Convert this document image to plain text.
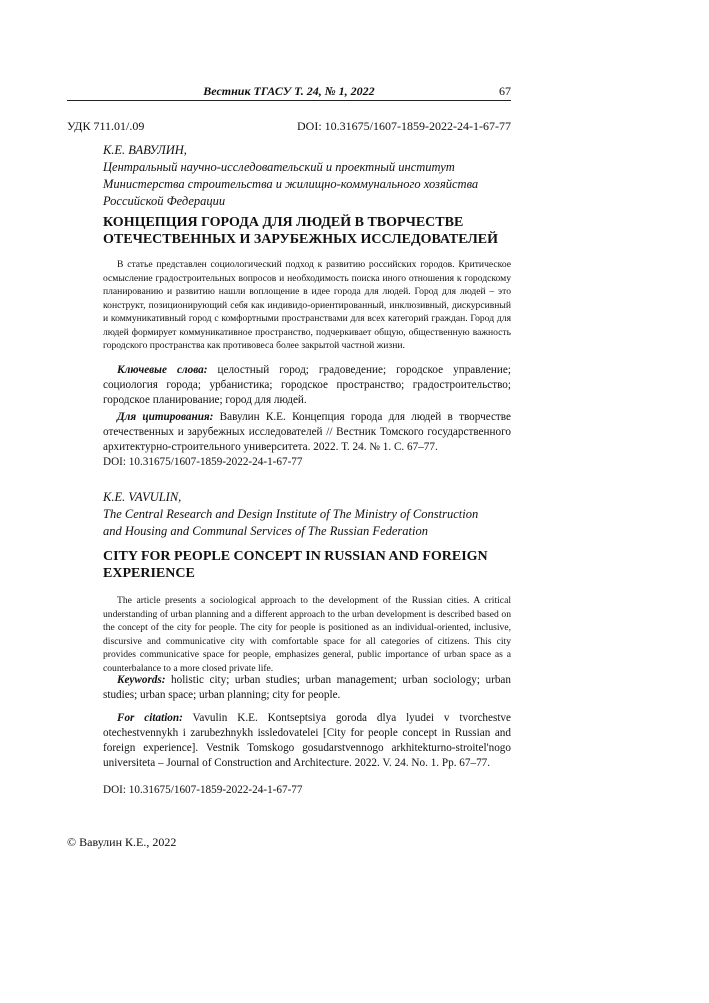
Вестник ТГАСУ Т. 24, № 1, 2022	67
УДК 711.01/.09	DOI: 10.31675/1607-1859-2022-24-1-67-77
К.Е. ВАВУЛИН,
Центральный научно-исследовательский и проектный институт
Министерства строительства и жилищно-коммунального хозяйства
Российской Федерации
КОНЦЕПЦИЯ ГОРОДА ДЛЯ ЛЮДЕЙ В ТВОРЧЕСТВЕ
ОТЕЧЕСТВЕННЫХ И ЗАРУБЕЖНЫХ ИССЛЕДОВАТЕЛЕЙ

В статье представлен социологический подход к развитию российских городов. Критическое осмысление градостроительных вопросов и необходимость поиска иного отношения к городскому планированию и развитию нашли воплощение в идее города для людей. Город для людей – это конструкт, позиционирующий себя как индивидо-ориентированный, инклюзивный, дискурсивный и коммуникативный город с комфортными пространствами для всех категорий граждан. Город для людей формирует коммуникативное пространство, подчеркивает общую, общественную важность городского пространства как противовеса более закрытой частной жизни.

Ключевые слова: целостный город; градоведение; городское управление; социология города; урбанистика; городское пространство; градостроительство; городское планирование; город для людей.

Для цитирования: Вавулин К.Е. Концепция города для людей в творчестве отечественных и зарубежных исследователей // Вестник Томского государственного архитектурно-строительного университета. 2022. Т. 24. № 1. С. 67–77.

DOI: 10.31675/1607-1859-2022-24-1-67-77

K.E. VAVULIN,
The Central Research and Design Institute of The Ministry of Construction
and Housing and Communal Services of The Russian Federation
CITY FOR PEOPLE CONCEPT IN RUSSIAN AND FOREIGN
EXPERIENCE

The article presents a sociological approach to the development of the Russian cities. A critical understanding of urban planning and a different approach to the urban development is described based on the concept of the city for people. The city for people is positioned as an individual-oriented, inclusive, discursive and communicative city with comfortable space for all categories of citizens. This city provides communicative space for people, emphasizes general, public importance of urban space as a counterbalance to a more closed private life.

Keywords: holistic city; urban studies; urban management; urban sociology; urban studies; urban space; urban planning; city for people.

For citation: Vavulin K.E. Kontseptsiya goroda dlya lyudei v tvorchestve otechestvennykh i zarubezhnykh issledovatelei [City for people concept in Russian and foreign experience]. Vestnik Tomskogo gosudarstvennogo arkhitekturno-stroitel'nogo universiteta – Journal of Construction and Architecture. 2022. V. 24. No. 1. Pp. 67–77.

DOI: 10.31675/1607-1859-2022-24-1-67-77

© Вавулин К.Е., 2022
